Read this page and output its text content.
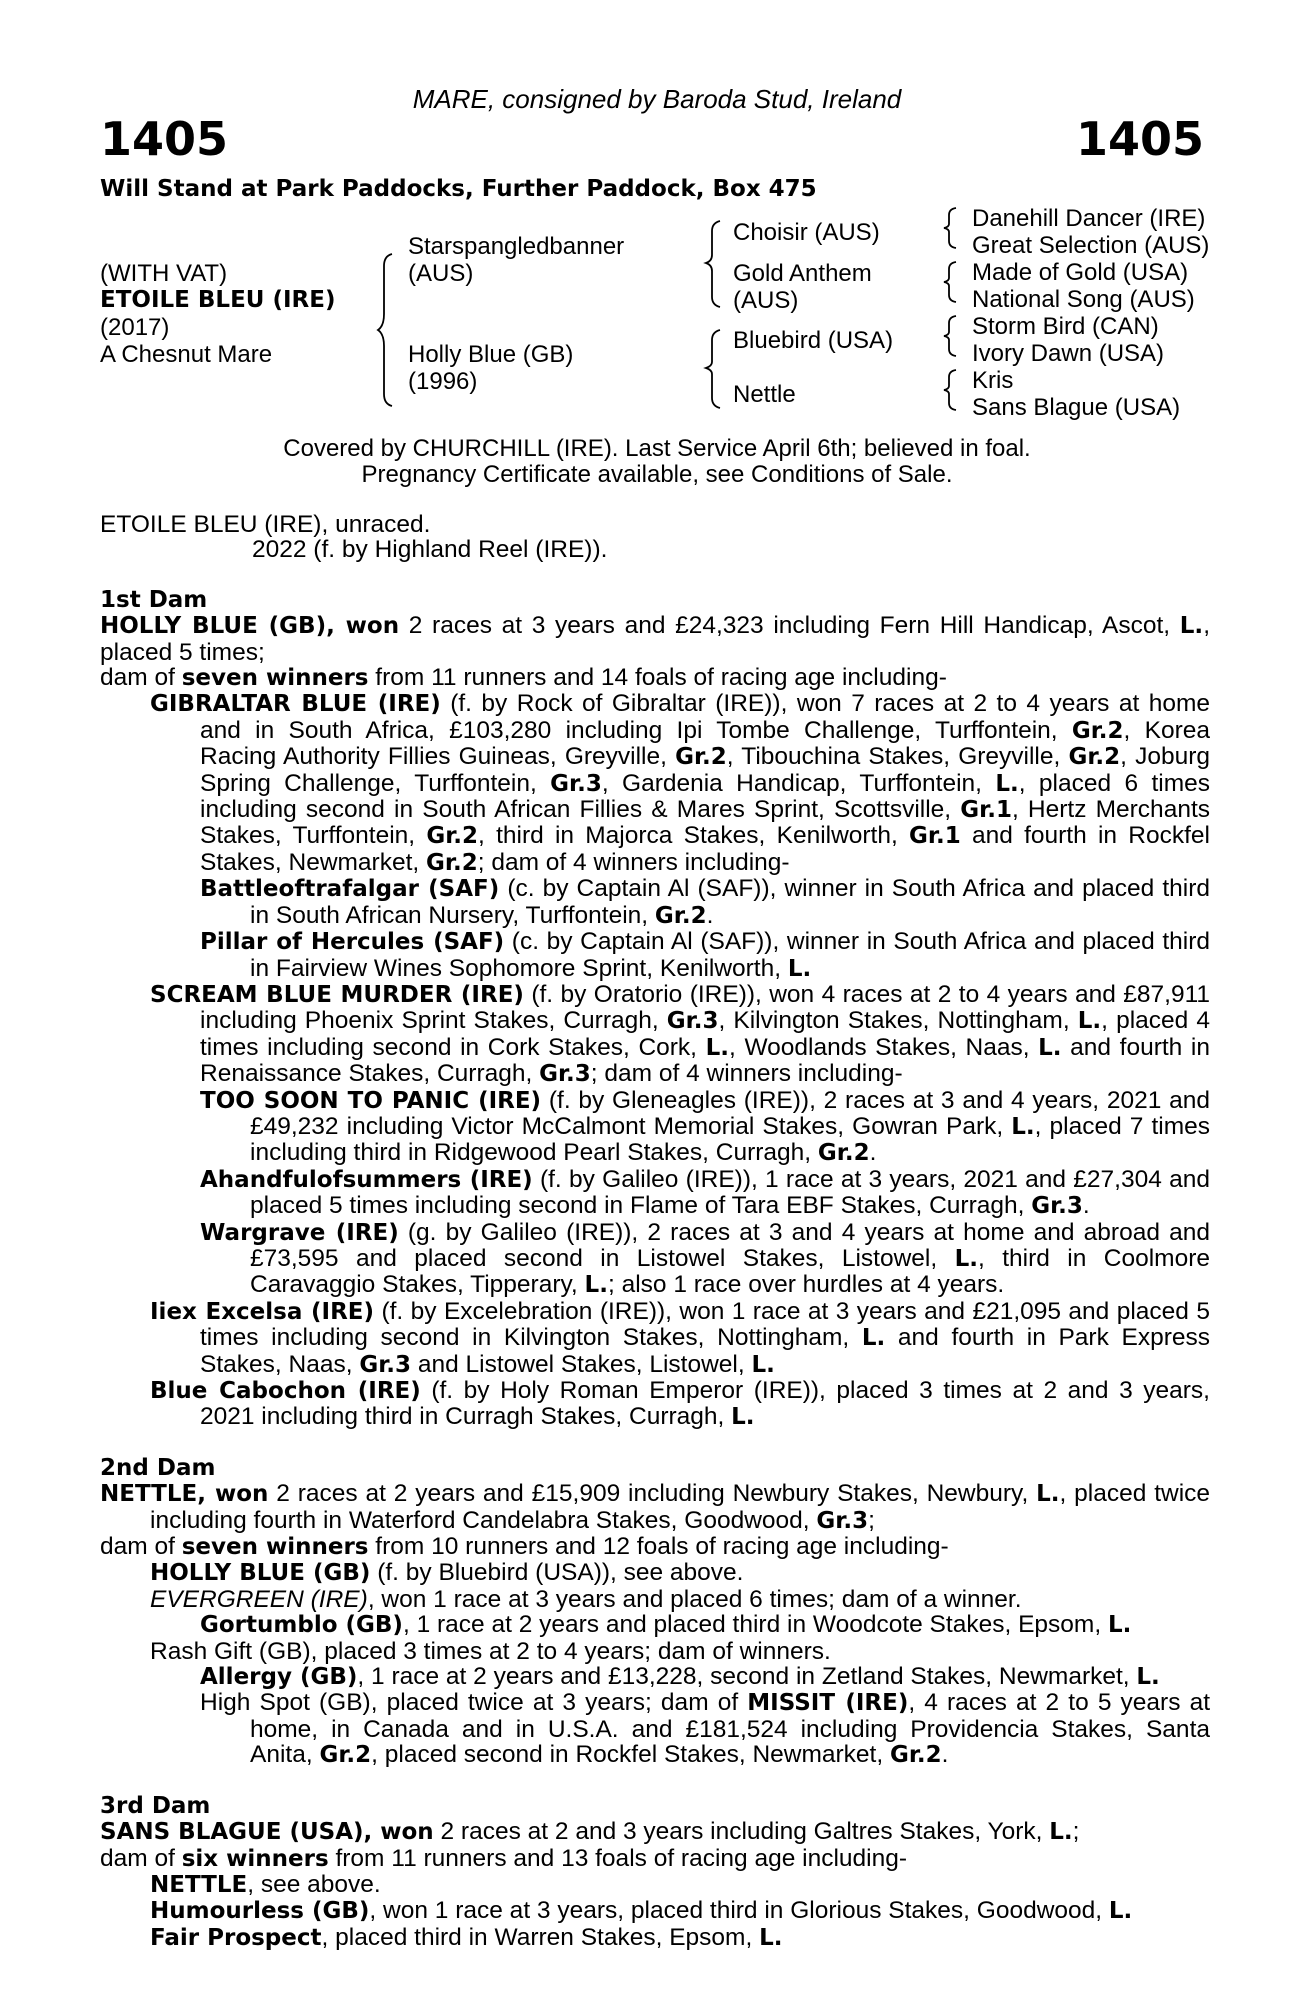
MARE, consigned by Baroda Stud, Ireland
1405	1405
Will Stand at Park Paddocks, Further Paddock, Box 475
(WITH VAT)
ETOILE BLEU (IRE)
(2017)
A Chesnut Mare
Starspangledbanner
(AUS)
Holly Blue (GB)
(1996)
Choisir (AUS)
Gold Anthem
(AUS)
Bluebird (USA)
Nettle
Danehill Dancer (IRE)
Great Selection (AUS)
Made of Gold (USA)
National Song (AUS)
Storm Bird (CAN)
Ivory Dawn (USA)
Kris
Sans Blague (USA)
Covered by CHURCHILL (IRE). Last Service April 6th; believed in foal.
Pregnancy Certificate available, see Conditions of Sale.

ETOILE BLEU (IRE), unraced.

2022 (f. by Highland Reel (IRE)).

1st Dam

HOLLY BLUE (GB), won 2 races at 3 years and £24,323 including Fern Hill Handicap, Ascot, L., placed 5 times;

dam of seven winners from 11 runners and 14 foals of racing age including-

GIBRALTAR BLUE (IRE) (f. by Rock of Gibraltar (IRE)), won 7 races at 2 to 4 years at home and in South Africa, £103,280 including Ipi Tombe Challenge, Turffontein, Gr.2, Korea Racing Authority Fillies Guineas, Greyville, Gr.2, Tibouchina Stakes, Greyville, Gr.2, Joburg Spring Challenge, Turffontein, Gr.3, Gardenia Handicap, Turffontein, L., placed 6 times including second in South African Fillies & Mares Sprint, Scottsville, Gr.1, Hertz Merchants Stakes, Turffontein, Gr.2, third in Majorca Stakes, Kenilworth, Gr.1 and fourth in Rockfel Stakes, Newmarket, Gr.2; dam of 4 winners including-

Battleoftrafalgar (SAF) (c. by Captain Al (SAF)), winner in South Africa and placed third in South African Nursery, Turffontein, Gr.2.

Pillar of Hercules (SAF) (c. by Captain Al (SAF)), winner in South Africa and placed third in Fairview Wines Sophomore Sprint, Kenilworth, L.

SCREAM BLUE MURDER (IRE) (f. by Oratorio (IRE)), won 4 races at 2 to 4 years and £87,911 including Phoenix Sprint Stakes, Curragh, Gr.3, Kilvington Stakes, Nottingham, L., placed 4 times including second in Cork Stakes, Cork, L., Woodlands Stakes, Naas, L. and fourth in Renaissance Stakes, Curragh, Gr.3; dam of 4 winners including-

TOO SOON TO PANIC (IRE) (f. by Gleneagles (IRE)), 2 races at 3 and 4 years, 2021 and £49,232 including Victor McCalmont Memorial Stakes, Gowran Park, L., placed 7 times including third in Ridgewood Pearl Stakes, Curragh, Gr.2.

Ahandfulofsummers (IRE) (f. by Galileo (IRE)), 1 race at 3 years, 2021 and £27,304 and placed 5 times including second in Flame of Tara EBF Stakes, Curragh, Gr.3.

Wargrave (IRE) (g. by Galileo (IRE)), 2 races at 3 and 4 years at home and abroad and £73,595 and placed second in Listowel Stakes, Listowel, L., third in Coolmore Caravaggio Stakes, Tipperary, L.; also 1 race over hurdles at 4 years.

Iiex Excelsa (IRE) (f. by Excelebration (IRE)), won 1 race at 3 years and £21,095 and placed 5 times including second in Kilvington Stakes, Nottingham, L. and fourth in Park Express Stakes, Naas, Gr.3 and Listowel Stakes, Listowel, L.

Blue Cabochon (IRE) (f. by Holy Roman Emperor (IRE)), placed 3 times at 2 and 3 years, 2021 including third in Curragh Stakes, Curragh, L.

2nd Dam

NETTLE, won 2 races at 2 years and £15,909 including Newbury Stakes, Newbury, L., placed twice including fourth in Waterford Candelabra Stakes, Goodwood, Gr.3;

dam of seven winners from 10 runners and 12 foals of racing age including-

HOLLY BLUE (GB) (f. by Bluebird (USA)), see above.

EVERGREEN (IRE), won 1 race at 3 years and placed 6 times; dam of a winner.

Gortumblo (GB), 1 race at 2 years and placed third in Woodcote Stakes, Epsom, L.

Rash Gift (GB), placed 3 times at 2 to 4 years; dam of winners.

Allergy (GB), 1 race at 2 years and £13,228, second in Zetland Stakes, Newmarket, L.

High Spot (GB), placed twice at 3 years; dam of MISSIT (IRE), 4 races at 2 to 5 years at home, in Canada and in U.S.A. and £181,524 including Providencia Stakes, Santa Anita, Gr.2, placed second in Rockfel Stakes, Newmarket, Gr.2.

3rd Dam

SANS BLAGUE (USA), won 2 races at 2 and 3 years including Galtres Stakes, York, L.;

dam of six winners from 11 runners and 13 foals of racing age including-

NETTLE, see above.

Humourless (GB), won 1 race at 3 years, placed third in Glorious Stakes, Goodwood, L.

Fair Prospect, placed third in Warren Stakes, Epsom, L.
